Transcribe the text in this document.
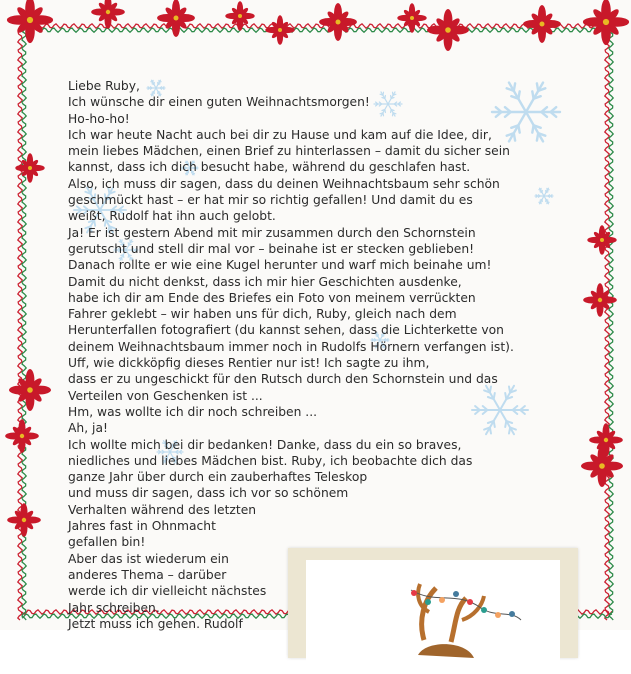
Liebe Ruby,
Ich wünsche dir einen guten Weihnachtsmorgen!
Ho-ho-ho!
Ich war heute Nacht auch bei dir zu Hause und kam auf die Idee, dir,
mein liebes Mädchen, einen Brief zu hinterlassen – damit du sicher sein
kannst, dass ich dich besucht habe, während du geschlafen hast.
Also, ich muss dir sagen, dass du deinen Weihnachtsbaum sehr schön
geschmückt hast – er hat mir so richtig gefallen! Und damit du es
weißt, Rudolf hat ihn auch gelobt.
Ja! Er ist gestern Abend mit mir zusammen durch den Schornstein
gerutscht und stell dir mal vor – beinahe ist er stecken geblieben!
Danach rollte er wie eine Kugel herunter und warf mich beinahe um!
Damit du nicht denkst, dass ich mir hier Geschichten ausdenke,
habe ich dir am Ende des Briefes ein Foto von meinem verrückten
Fahrer geklebt – wir haben uns für dich, Ruby, gleich nach dem
Herunterfallen fotografiert (du kannst sehen, dass die Lichterkette von
deinem Weihnachtsbaum immer noch in Rudolfs Hörnern verfangen ist).
Uff, wie dickköpfig dieses Rentier nur ist! Ich sagte zu ihm,
dass er zu ungeschickt für den Rutsch durch den Schornstein und das
Verteilen von Geschenken ist ...
Hm, was wollte ich dir noch schreiben ...
Ah, ja!
Ich wollte mich bei dir bedanken! Danke, dass du ein so braves,
niedliches und liebes Mädchen bist. Ruby, ich beobachte dich das
ganze Jahr über durch ein zauberhaftes Teleskop
und muss dir sagen, dass ich vor so schönem
Verhalten während des letzten
Jahres fast in Ohnmacht
gefallen bin!
Aber das ist wiederum ein
anderes Thema – darüber
werde ich dir vielleicht nächstes
Jahr schreiben.
Jetzt muss ich gehen. Rudolf
